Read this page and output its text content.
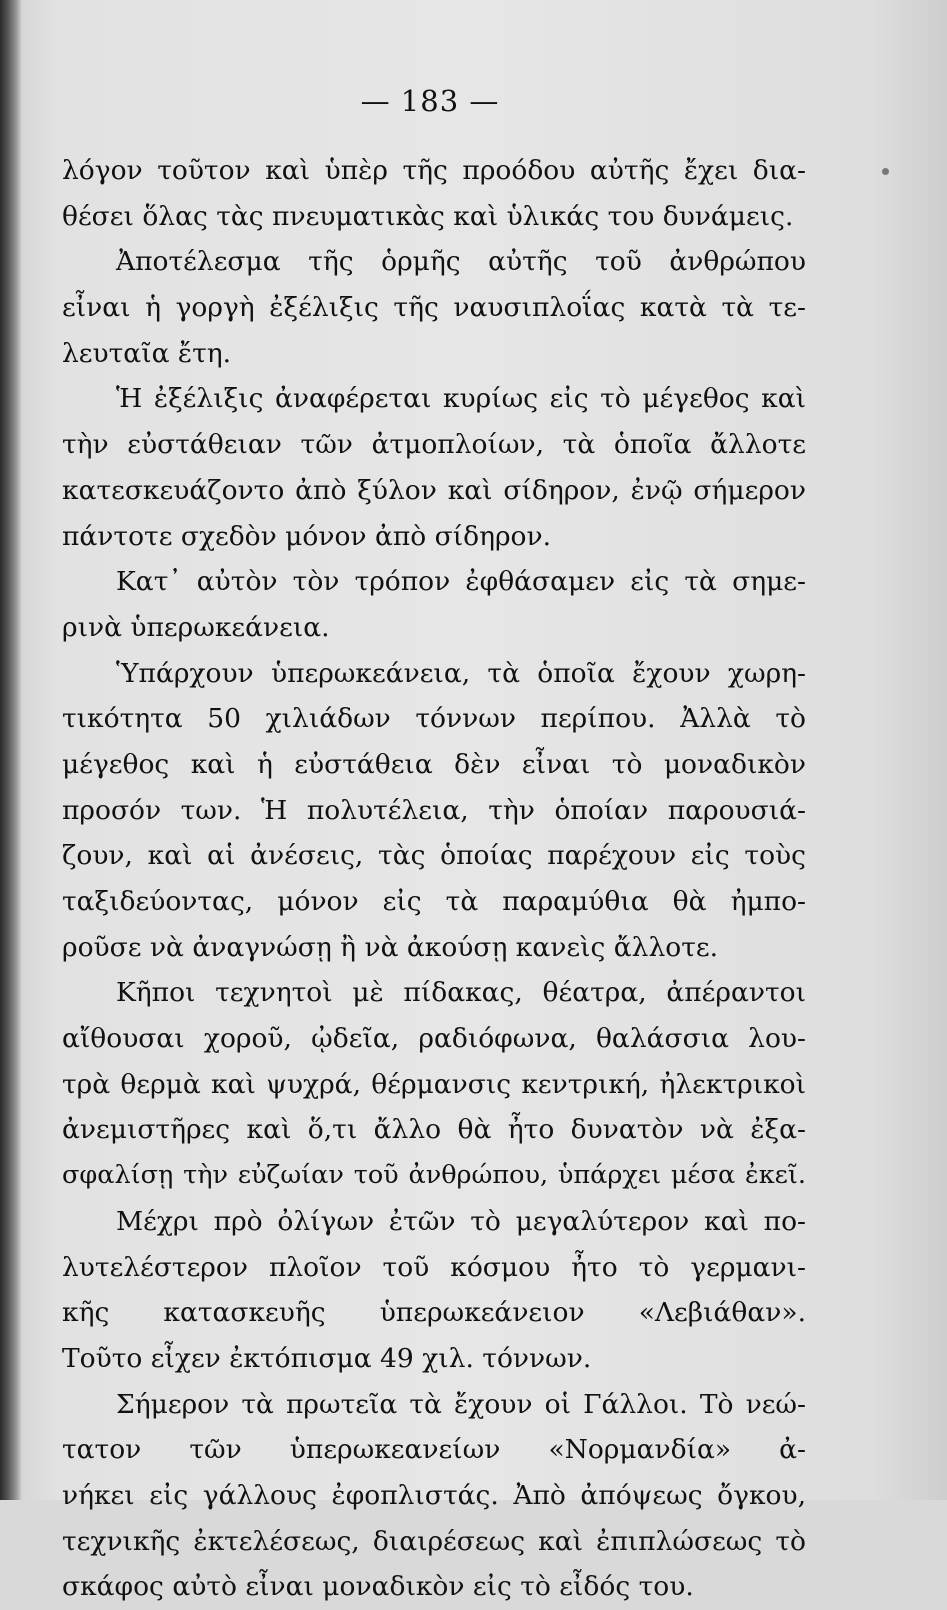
— 183 —
λόγον τοῦτον καὶ ὑπὲρ τῆς προόδου αὐτῆς ἔχει δια-
θέσει ὅλας τὰς πνευματικὰς καὶ ὑλικάς του δυνάμεις.
Ἀποτέλεσμα τῆς ὁρμῆς αὐτῆς τοῦ ἀνθρώπου
εἶναι ἡ γοργὴ ἐξέλιξις τῆς ναυσιπλοΐας κατὰ τὰ τε-
λευταῖα ἔτη.
Ἡ ἐξέλιξις ἀναφέρεται κυρίως εἰς τὸ μέγεθος καὶ
τὴν εὐστάθειαν τῶν ἀτμοπλοίων, τὰ ὁποῖα ἄλλοτε
κατεσκευάζοντο ἀπὸ ξύλον καὶ σίδηρον, ἐνῷ σήμερον
πάντοτε σχεδὸν μόνον ἀπὸ σίδηρον.
Κατ᾿ αὐτὸν τὸν τρόπον ἐφθάσαμεν εἰς τὰ σημε-
ρινὰ ὑπερωκεάνεια.
Ὑπάρχουν ὑπερωκεάνεια, τὰ ὁποῖα ἔχουν χωρη-
τικότητα 50 χιλιάδων τόννων περίπου. Ἀλλὰ τὸ
μέγεθος καὶ ἡ εὐστάθεια δὲν εἶναι τὸ μοναδικὸν
προσόν των. Ἡ πολυτέλεια, τὴν ὁποίαν παρουσιά-
ζουν, καὶ αἱ ἀνέσεις, τὰς ὁποίας παρέχουν εἰς τοὺς
ταξιδεύοντας, μόνον εἰς τὰ παραμύθια θὰ ἠμπο-
ροῦσε νὰ ἀναγνώσῃ ἢ νὰ ἀκούσῃ κανεὶς ἄλλοτε.
Κῆποι τεχνητοὶ μὲ πίδακας, θέατρα, ἀπέραντοι
αἴθουσαι χοροῦ, ᾠδεῖα, ραδιόφωνα, θαλάσσια λου-
τρὰ θερμὰ καὶ ψυχρά, θέρμανσις κεντρική, ἠλεκτρικοὶ
ἀνεμιστῆρες καὶ ὅ,τι ἄλλο θὰ ἦτο δυνατὸν νὰ ἐξα-
σφαλίσῃ τὴν εὐζωίαν τοῦ ἀνθρώπου, ὑπάρχει μέσα ἐκεῖ.
Μέχρι πρὸ ὀλίγων ἐτῶν τὸ μεγαλύτερον καὶ πο-
λυτελέστερον πλοῖον τοῦ κόσμου ἦτο τὸ γερμανι-
κῆς κατασκευῆς ὑπερωκεάνειον «Λεβιάθαν».
Τοῦτο εἶχεν ἐκτόπισμα 49 χιλ. τόννων.
Σήμερον τὰ πρωτεῖα τὰ ἔχουν οἱ Γάλλοι. Τὸ νεώ-
τατον τῶν ὑπερωκεανείων «Νορμανδία» ἀ-
νήκει εἰς γάλλους ἐφοπλιστάς. Ἀπὸ ἀπόψεως ὄγκου,
τεχνικῆς ἐκτελέσεως, διαιρέσεως καὶ ἐπιπλώσεως τὸ
σκάφος αὐτὸ εἶναι μοναδικὸν εἰς τὸ εἶδός του.
